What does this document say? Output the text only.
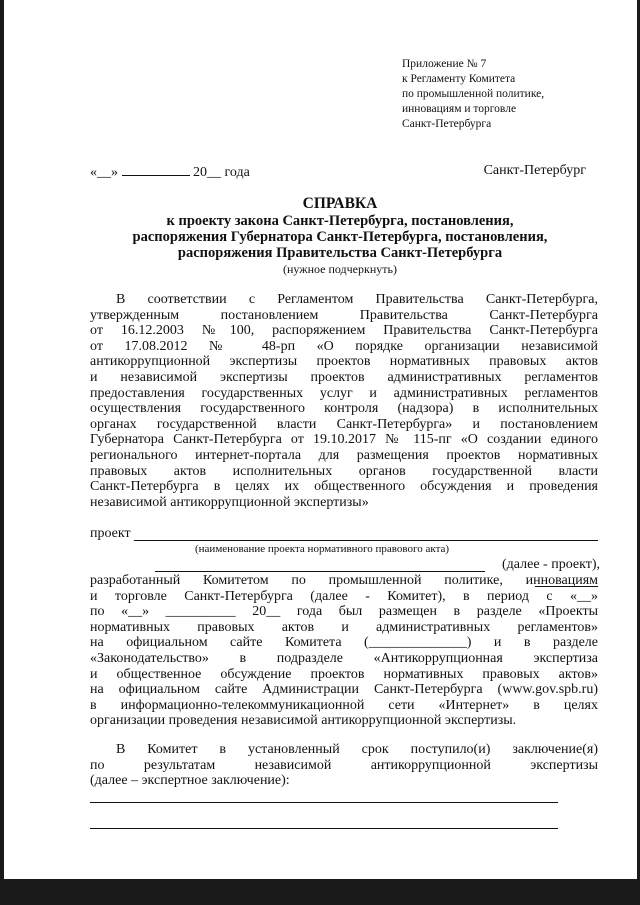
Приложение № 7
к Регламенту Комитета
по промышленной политике,
инновациям и торговле
Санкт-Петербурга
«__»	20__ года	Санкт-Петербург
СПРАВКА
к проекту закона Санкт-Петербурга, постановления,
распоряжения Губернатора Санкт-Петербурга, постановления,
распоряжения Правительства Санкт-Петербурга
(нужное подчеркнуть)
В соответствии с Регламентом Правительства Санкт-Петербурга,
утвержденным постановлением Правительства Санкт-Петербурга
от 16.12.2003 №100, распоряжением Правительства Санкт-Петербурга
от 17.08.2012 № 48-рп «О порядке организации независимой
антикоррупционной экспертизы проектов нормативных правовых актов
и независимой экспертизы проектов административных регламентов
предоставления государственных услуг и административных регламентов
осуществления государственного контроля (надзора) в исполнительных
органах государственной власти Санкт-Петербурга» и постановлением
Губернатора Санкт-Петербурга от 19.10.2017 № 115-пг «О создании единого
регионального интернет-портала для размещения проектов нормативных
правовых актов исполнительных органов государственной власти
Санкт-Петербурга в целях их общественного обсуждения и проведения
независимой антикоррупционной экспертизы»
проект
(наименование проекта нормативного правового акта)
(далее - проект),
разработанный Комитетом по промышленной политике, инновациям
и торговле Санкт-Петербурга (далее - Комитет), в период с «__»
по «__» __________ 20__ года был размещен в разделе «Проекты
нормативных правовых актов и административных регламентов»
на официальном сайте Комитета (______________) и в разделе
«Законодательство» в подразделе «Антикоррупционная экспертиза
и общественное обсуждение проектов нормативных правовых актов»
на официальном сайте Администрации Санкт-Петербурга (www.gov.spb.ru)
в информационно-телекоммуникационной сети «Интернет» в целях
организации проведения независимой антикоррупционной экспертизы.
В Комитет в установленный срок поступило(и) заключение(я)
по результатам независимой антикоррупционной экспертизы
(далее – экспертное заключение):
